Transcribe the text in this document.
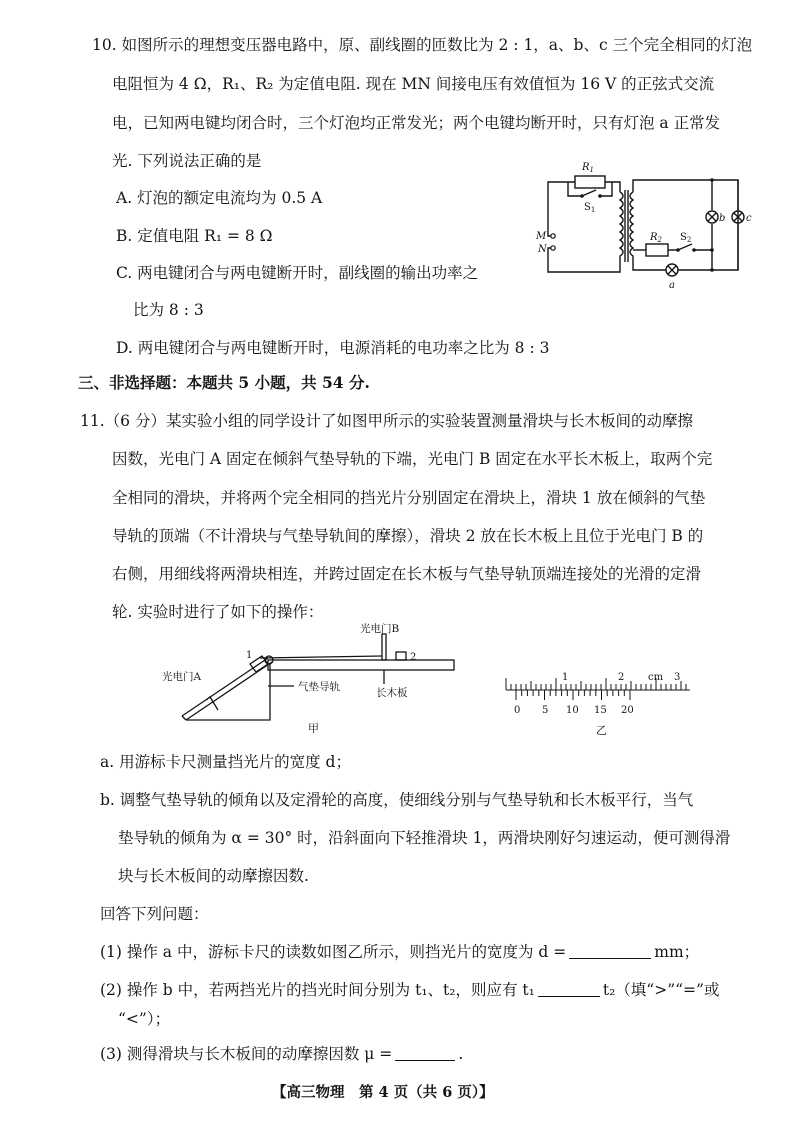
10. 如图所示的理想变压器电路中，原、副线圈的匝数比为 2 : 1，a、b、c 三个完全相同的灯泡
电阻恒为 4 Ω，R₁、R₂ 为定值电阻. 现在 MN 间接电压有效值恒为 16 V 的正弦式交流
电，已知两电键均闭合时，三个灯泡均正常发光；两个电键均断开时，只有灯泡 a 正常发
光. 下列说法正确的是
A. 灯泡的额定电流均为 0.5 A
B. 定值电阻 R₁ = 8 Ω
C. 两电键闭合与两电键断开时，副线圈的输出功率之
比为 8 : 3
D. 两电键闭合与两电键断开时，电源消耗的电功率之比为 8 : 3
$R_1$
$S_1$
$R_2$ $S_2$
M
N
a
b c
三、非选择题：本题共 5 小题，共 54 分.
11.（6 分）某实验小组的同学设计了如图甲所示的实验装置测量滑块与长木板间的动摩擦
因数，光电门 A 固定在倾斜气垫导轨的下端，光电门 B 固定在水平长木板上，取两个完
全相同的滑块，并将两个完全相同的挡光片分别固定在滑块上，滑块 1 放在倾斜的气垫
导轨的顶端（不计滑块与气垫导轨间的摩擦），滑块 2 放在长木板上且位于光电门 B 的
右侧，用细线将两滑块相连，并跨过固定在长木板与气垫导轨顶端连接处的光滑的定滑
轮. 实验时进行了如下的操作：
光电门B
光电门A
1	2
气垫导轨	长木板
甲
1	2 cm 3
0 5 10 15 20
乙
a. 用游标卡尺测量挡光片的宽度 d；
b. 调整气垫导轨的倾角以及定滑轮的高度，使细线分别与气垫导轨和长木板平行，当气
垫导轨的倾角为 α = 30° 时，沿斜面向下轻推滑块 1，两滑块刚好匀速运动，便可测得滑
块与长木板间的动摩擦因数.
回答下列问题：
(1) 操作 a 中，游标卡尺的读数如图乙所示，则挡光片的宽度为 d =	mm；
(2) 操作 b 中，若两挡光片的挡光时间分别为 t₁、t₂，则应有 t₁	t₂（填“>”“=”或
“<”）；
(3) 测得滑块与长木板间的动摩擦因数 μ =	.
【高三物理　第 4 页（共 6 页）】
